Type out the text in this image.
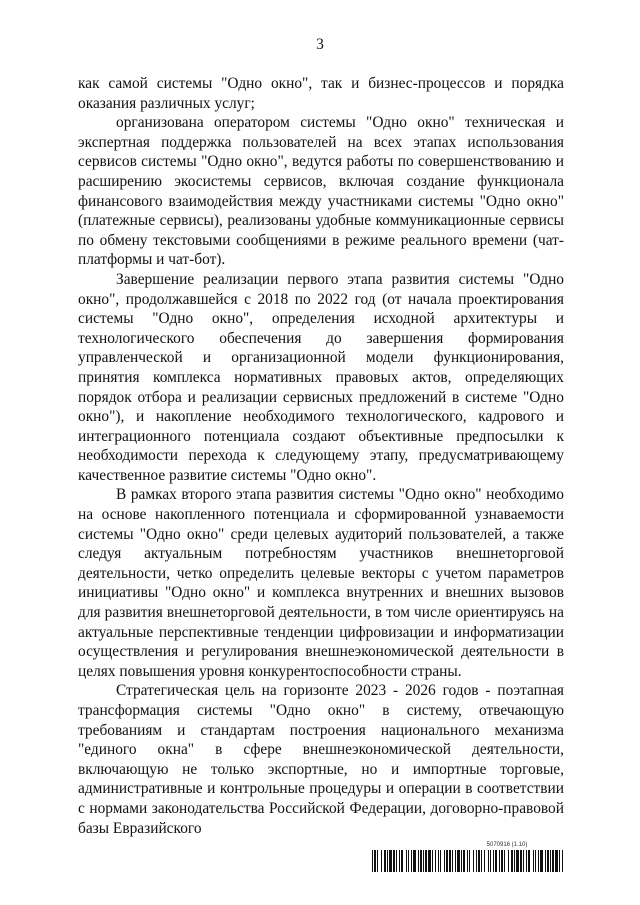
3

как самой системы "Одно окно", так и бизнес-процессов и порядка оказания различных услуг;

организована оператором системы "Одно окно" техническая и экспертная поддержка пользователей на всех этапах использования сервисов системы "Одно окно", ведутся работы по совершенствованию и расширению экосистемы сервисов, включая создание функционала финансового взаимодействия между участниками системы "Одно окно" (платежные сервисы), реализованы удобные коммуникационные сервисы по обмену текстовыми сообщениями в режиме реального времени (чат-платформы и чат-бот).

Завершение реализации первого этапа развития системы "Одно окно", продолжавшейся с 2018 по 2022 год (от начала проектирования системы "Одно окно", определения исходной архитектуры и технологического обеспечения до завершения формирования управленческой и организационной модели функционирования, принятия комплекса нормативных правовых актов, определяющих порядок отбора и реализации сервисных предложений в системе "Одно окно"), и накопление необходимого технологического, кадрового и интеграционного потенциала создают объективные предпосылки к необходимости перехода к следующему этапу, предусматривающему качественное развитие системы "Одно окно".

В рамках второго этапа развития системы "Одно окно" необходимо на основе накопленного потенциала и сформированной узнаваемости системы "Одно окно" среди целевых аудиторий пользователей, а также следуя актуальным потребностям участников внешнеторговой деятельности, четко определить целевые векторы с учетом параметров инициативы "Одно окно" и комплекса внутренних и внешних вызовов для развития внешнеторговой деятельности, в том числе ориентируясь на актуальные перспективные тенденции цифровизации и информатизации осуществления и регулирования внешнеэкономической деятельности в целях повышения уровня конкурентоспособности страны.

Стратегическая цель на горизонте 2023 - 2026 годов - поэтапная трансформация системы "Одно окно" в систему, отвечающую требованиям и стандартам построения национального механизма "единого окна" в сфере внешнеэкономической деятельности, включающую не только экспортные, но и импортные торговые, административные и контрольные процедуры и операции в соответствии с нормами законодательства Российской Федерации, договорно-правовой базы Евразийского

5070916 (1.10)
